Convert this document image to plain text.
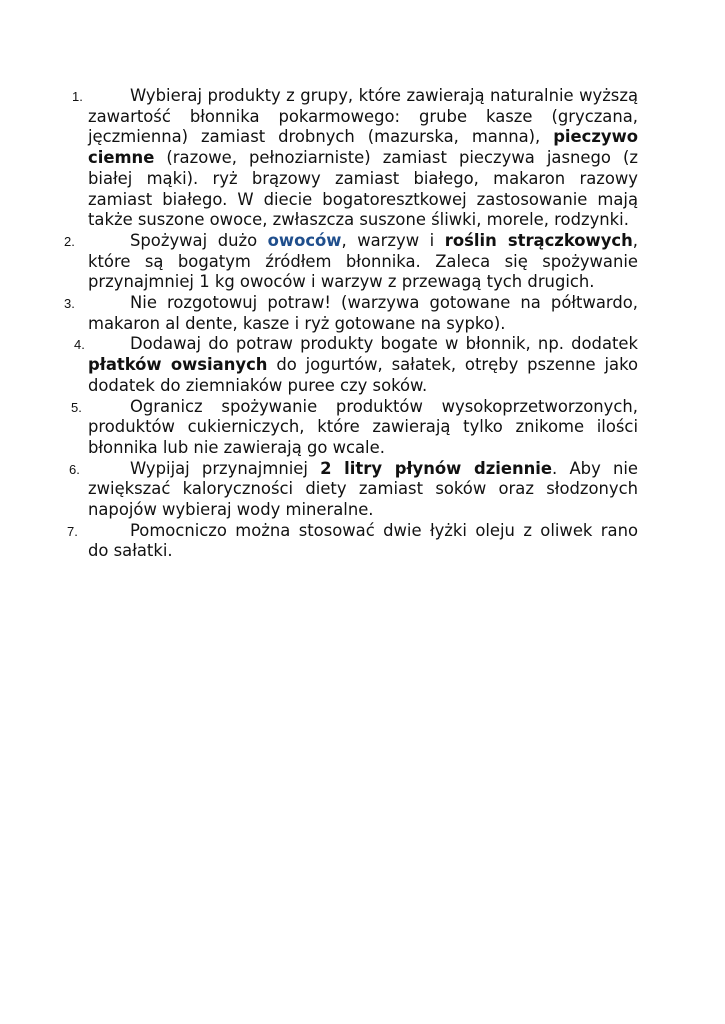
1.	Wybieraj produkty z grupy, które zawierają naturalnie wyższą zawartość błonnika pokarmowego: grube kasze (gryczana, jęczmienna) zamiast drobnych (mazurska, manna), pieczywo ciemne (razowe, pełnoziarniste) zamiast pieczywa jasnego (z białej mąki). ryż brązowy zamiast białego, makaron razowy zamiast białego. W diecie bogatoresztkowej zastosowanie mają także suszone owoce, zwłaszcza suszone śliwki, morele, rodzynki.
2.	Spożywaj dużo owoców, warzyw i roślin strączkowych, które są bogatym źródłem błonnika. Zaleca się spożywanie przynajmniej 1 kg owoców i warzyw z przewagą tych drugich.
3.	Nie rozgotowuj potraw! (warzywa gotowane na półtwardo, makaron al dente, kasze i ryż gotowane na sypko).
4.	Dodawaj do potraw produkty bogate w błonnik, np. dodatek płatków owsianych do jogurtów, sałatek, otręby pszenne jako dodatek do ziemniaków puree czy soków.
5.	Ogranicz spożywanie produktów wysokoprzetworzonych, produktów cukierniczych, które zawierają tylko znikome ilości błonnika lub nie zawierają go wcale.
6.	Wypijaj przynajmniej 2 litry płynów dziennie. Aby nie zwiększać kaloryczności diety zamiast soków oraz słodzonych napojów wybieraj wody mineralne.
7.	Pomocniczo można stosować dwie łyżki oleju z oliwek rano do sałatki.
